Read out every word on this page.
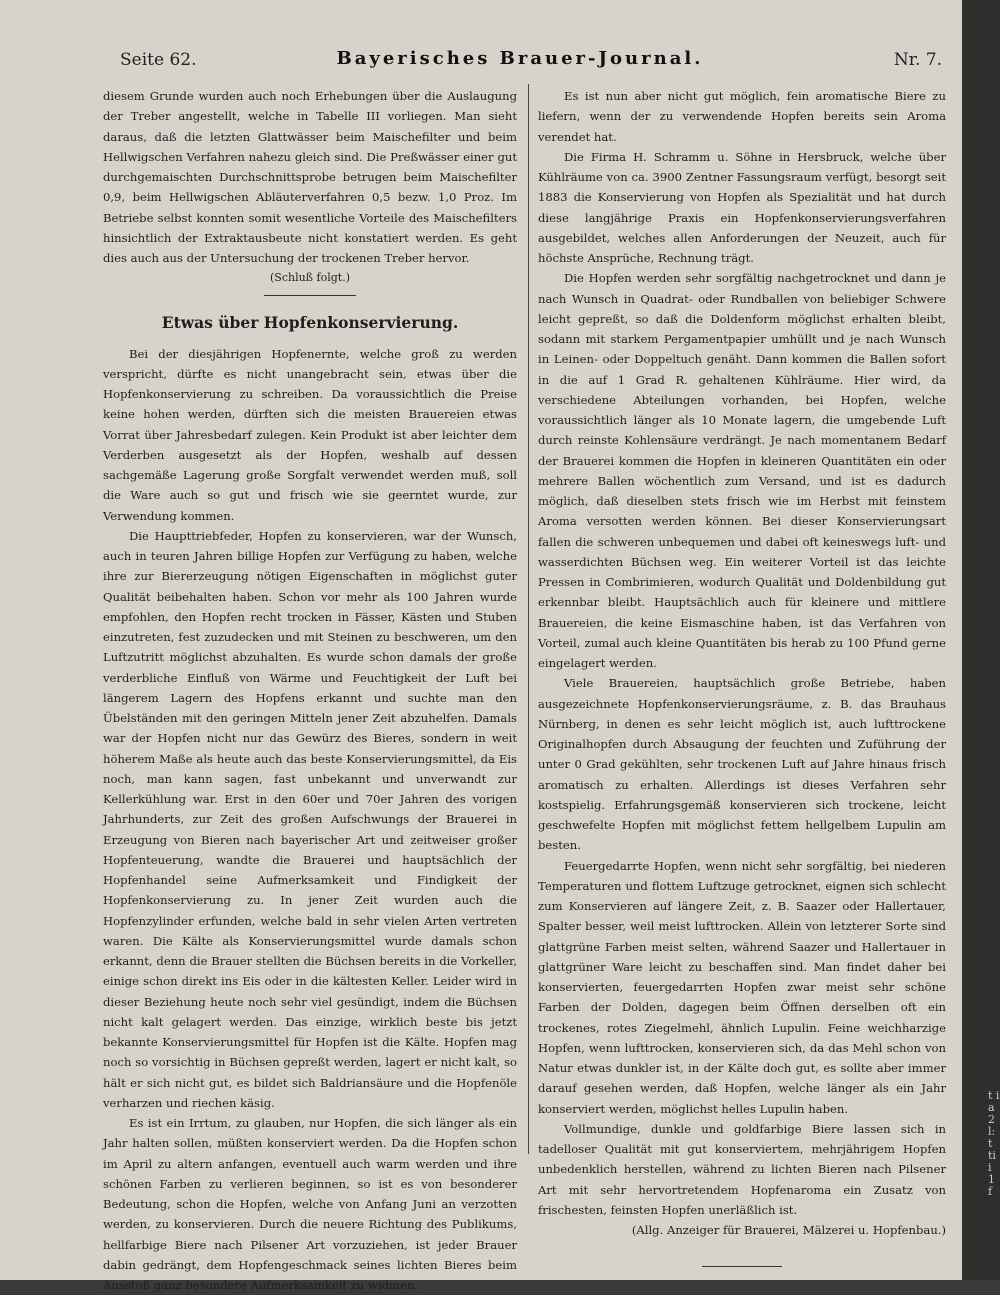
Seite 62.	Bayerisches Brauer-Journal.	Nr. 7.

diesem Grunde wurden auch noch Erhebungen über die Auslaugung der Treber angestellt, welche in Tabelle III vorliegen. Man sieht daraus, daß die letzten Glattwässer beim Maischefilter und beim Hellwigschen Verfahren nahezu gleich sind. Die Preßwässer einer gut durchgemaischten Durchschnittsprobe betrugen beim Maischefilter 0,9, beim Hellwigschen Abläuterverfahren 0,5 bezw. 1,0 Proz. Im Betriebe selbst konnten somit wesentliche Vorteile des Maischefilters hinsichtlich der Extraktausbeute nicht konstatiert werden. Es geht dies auch aus der Untersuchung der trockenen Treber hervor.

(Schluß folgt.)

Etwas über Hopfenkonservierung.

Bei der diesjährigen Hopfenernte, welche groß zu werden verspricht, dürfte es nicht unangebracht sein, etwas über die Hopfenkonservierung zu schreiben. Da voraussichtlich die Preise keine hohen werden, dürften sich die meisten Brauereien etwas Vorrat über Jahresbedarf zulegen. Kein Produkt ist aber leichter dem Verderben ausgesetzt als der Hopfen, weshalb auf dessen sachgemäße Lagerung große Sorgfalt verwendet werden muß, soll die Ware auch so gut und frisch wie sie geerntet wurde, zur Verwendung kommen.

Die Haupttriebfeder, Hopfen zu konservieren, war der Wunsch, auch in teuren Jahren billige Hopfen zur Verfügung zu haben, welche ihre zur Biererzeugung nötigen Eigenschaften in möglichst guter Qualität beibehalten haben. Schon vor mehr als 100 Jahren wurde empfohlen, den Hopfen recht trocken in Fässer, Kästen und Stuben einzutreten, fest zuzudecken und mit Steinen zu beschweren, um den Luftzutritt möglichst abzuhalten. Es wurde schon damals der große verderbliche Einfluß von Wärme und Feuchtigkeit der Luft bei längerem Lagern des Hopfens erkannt und suchte man den Übelständen mit den geringen Mitteln jener Zeit abzuhelfen. Damals war der Hopfen nicht nur das Gewürz des Bieres, sondern in weit höherem Maße als heute auch das beste Konservierungsmittel, da Eis noch, man kann sagen, fast unbekannt und unverwandt zur Kellerkühlung war. Erst in den 60er und 70er Jahren des vorigen Jahrhunderts, zur Zeit des großen Aufschwungs der Brauerei in Erzeugung von Bieren nach bayerischer Art und zeitweiser großer Hopfenteuerung, wandte die Brauerei und hauptsächlich der Hopfenhandel seine Aufmerksamkeit und Findigkeit der Hopfenkonservierung zu. In jener Zeit wurden auch die Hopfenzylinder erfunden, welche bald in sehr vielen Arten vertreten waren. Die Kälte als Konservierungsmittel wurde damals schon erkannt, denn die Brauer stellten die Büchsen bereits in die Vorkeller, einige schon direkt ins Eis oder in die kältesten Keller. Leider wird in dieser Beziehung heute noch sehr viel gesündigt, indem die Büchsen nicht kalt gelagert werden. Das einzige, wirklich beste bis jetzt bekannte Konservierungsmittel für Hopfen ist die Kälte. Hopfen mag noch so vorsichtig in Büchsen gepreßt werden, lagert er nicht kalt, so hält er sich nicht gut, es bildet sich Baldriansäure und die Hopfenöle verharzen und riechen käsig.

Es ist ein Irrtum, zu glauben, nur Hopfen, die sich länger als ein Jahr halten sollen, müßten konserviert werden. Da die Hopfen schon im April zu altern anfangen, eventuell auch warm werden und ihre schönen Farben zu verlieren beginnen, so ist es von besonderer Bedeutung, schon die Hopfen, welche von Anfang Juni an verzotten werden, zu konservieren. Durch die neuere Richtung des Publikums, hellfarbige Biere nach Pilsener Art vorzuziehen, ist jeder Brauer dabin gedrängt, dem Hopfengeschmack seines lichten Bieres beim Ausstoß ganz besondere Aufmerksamkeit zu widmen.

Es ist nun aber nicht gut möglich, fein aromatische Biere zu liefern, wenn der zu verwendende Hopfen bereits sein Aroma verendet hat.

Die Firma H. Schramm u. Söhne in Hersbruck, welche über Kühlräume von ca. 3900 Zentner Fassungsraum verfügt, besorgt seit 1883 die Konservierung von Hopfen als Spezialität und hat durch diese langjährige Praxis ein Hopfenkonservierungsverfahren ausgebildet, welches allen Anforderungen der Neuzeit, auch für höchste Ansprüche, Rechnung trägt.

Die Hopfen werden sehr sorgfältig nachgetrocknet und dann je nach Wunsch in Quadrat- oder Rundballen von beliebiger Schwere leicht gepreßt, so daß die Doldenform möglichst erhalten bleibt, sodann mit starkem Pergamentpapier umhüllt und je nach Wunsch in Leinen- oder Doppeltuch genäht. Dann kommen die Ballen sofort in die auf 1 Grad R. gehaltenen Kühlräume. Hier wird, da verschiedene Abteilungen vorhanden, bei Hopfen, welche voraussichtlich länger als 10 Monate lagern, die umgebende Luft durch reinste Kohlensäure verdrängt. Je nach momentanem Bedarf der Brauerei kommen die Hopfen in kleineren Quantitäten ein oder mehrere Ballen wöchentlich zum Versand, und ist es dadurch möglich, daß dieselben stets frisch wie im Herbst mit feinstem Aroma versotten werden können. Bei dieser Konservierungsart fallen die schweren unbequemen und dabei oft keineswegs luft- und wasserdichten Büchsen weg. Ein weiterer Vorteil ist das leichte Pressen in Combrimieren, wodurch Qualität und Doldenbildung gut erkennbar bleibt. Hauptsächlich auch für kleinere und mittlere Brauereien, die keine Eismaschine haben, ist das Verfahren von Vorteil, zumal auch kleine Quantitäten bis herab zu 100 Pfund gerne eingelagert werden.

Viele Brauereien, hauptsächlich große Betriebe, haben ausgezeichnete Hopfenkonservierungsräume, z. B. das Brauhaus Nürnberg, in denen es sehr leicht möglich ist, auch lufttrockene Originalhopfen durch Absaugung der feuchten und Zuführung der unter 0 Grad gekühlten, sehr trockenen Luft auf Jahre hinaus frisch aromatisch zu erhalten. Allerdings ist dieses Verfahren sehr kostspielig. Erfahrungsgemäß konservieren sich trockene, leicht geschwefelte Hopfen mit möglichst fettem hellgelbem Lupulin am besten.

Feuergedarrte Hopfen, wenn nicht sehr sorgfältig, bei niederen Temperaturen und flottem Luftzuge getrocknet, eignen sich schlecht zum Konservieren auf längere Zeit, z. B. Saazer oder Hallertauer, Spalter besser, weil meist lufttrocken. Allein von letzterer Sorte sind glattgrüne Farben meist selten, während Saazer und Hallertauer in glattgrüner Ware leicht zu beschaffen sind. Man findet daher bei konservierten, feuergedarrten Hopfen zwar meist sehr schöne Farben der Dolden, dagegen beim Öffnen derselben oft ein trockenes, rotes Ziegelmehl, ähnlich Lupulin. Feine weichharzige Hopfen, wenn lufttrocken, konservieren sich, da das Mehl schon von Natur etwas dunkler ist, in der Kälte doch gut, es sollte aber immer darauf gesehen werden, daß Hopfen, welche länger als ein Jahr konserviert werden, möglichst helles Lupulin haben.

Vollmundige, dunkle und goldfarbige Biere lassen sich in tadelloser Qualität mit gut konserviertem, mehrjährigem Hopfen unbedenklich herstellen, während zu lichten Bieren nach Pilsener Art mit sehr hervortretendem Hopfenaroma ein Zusatz von frischesten, feinsten Hopfen unerläßlich ist.

(Allg. Anzeiger für Brauerei, Mälzerei u. Hopfenbau.)

t i a 2 l: t ti i 1 f
